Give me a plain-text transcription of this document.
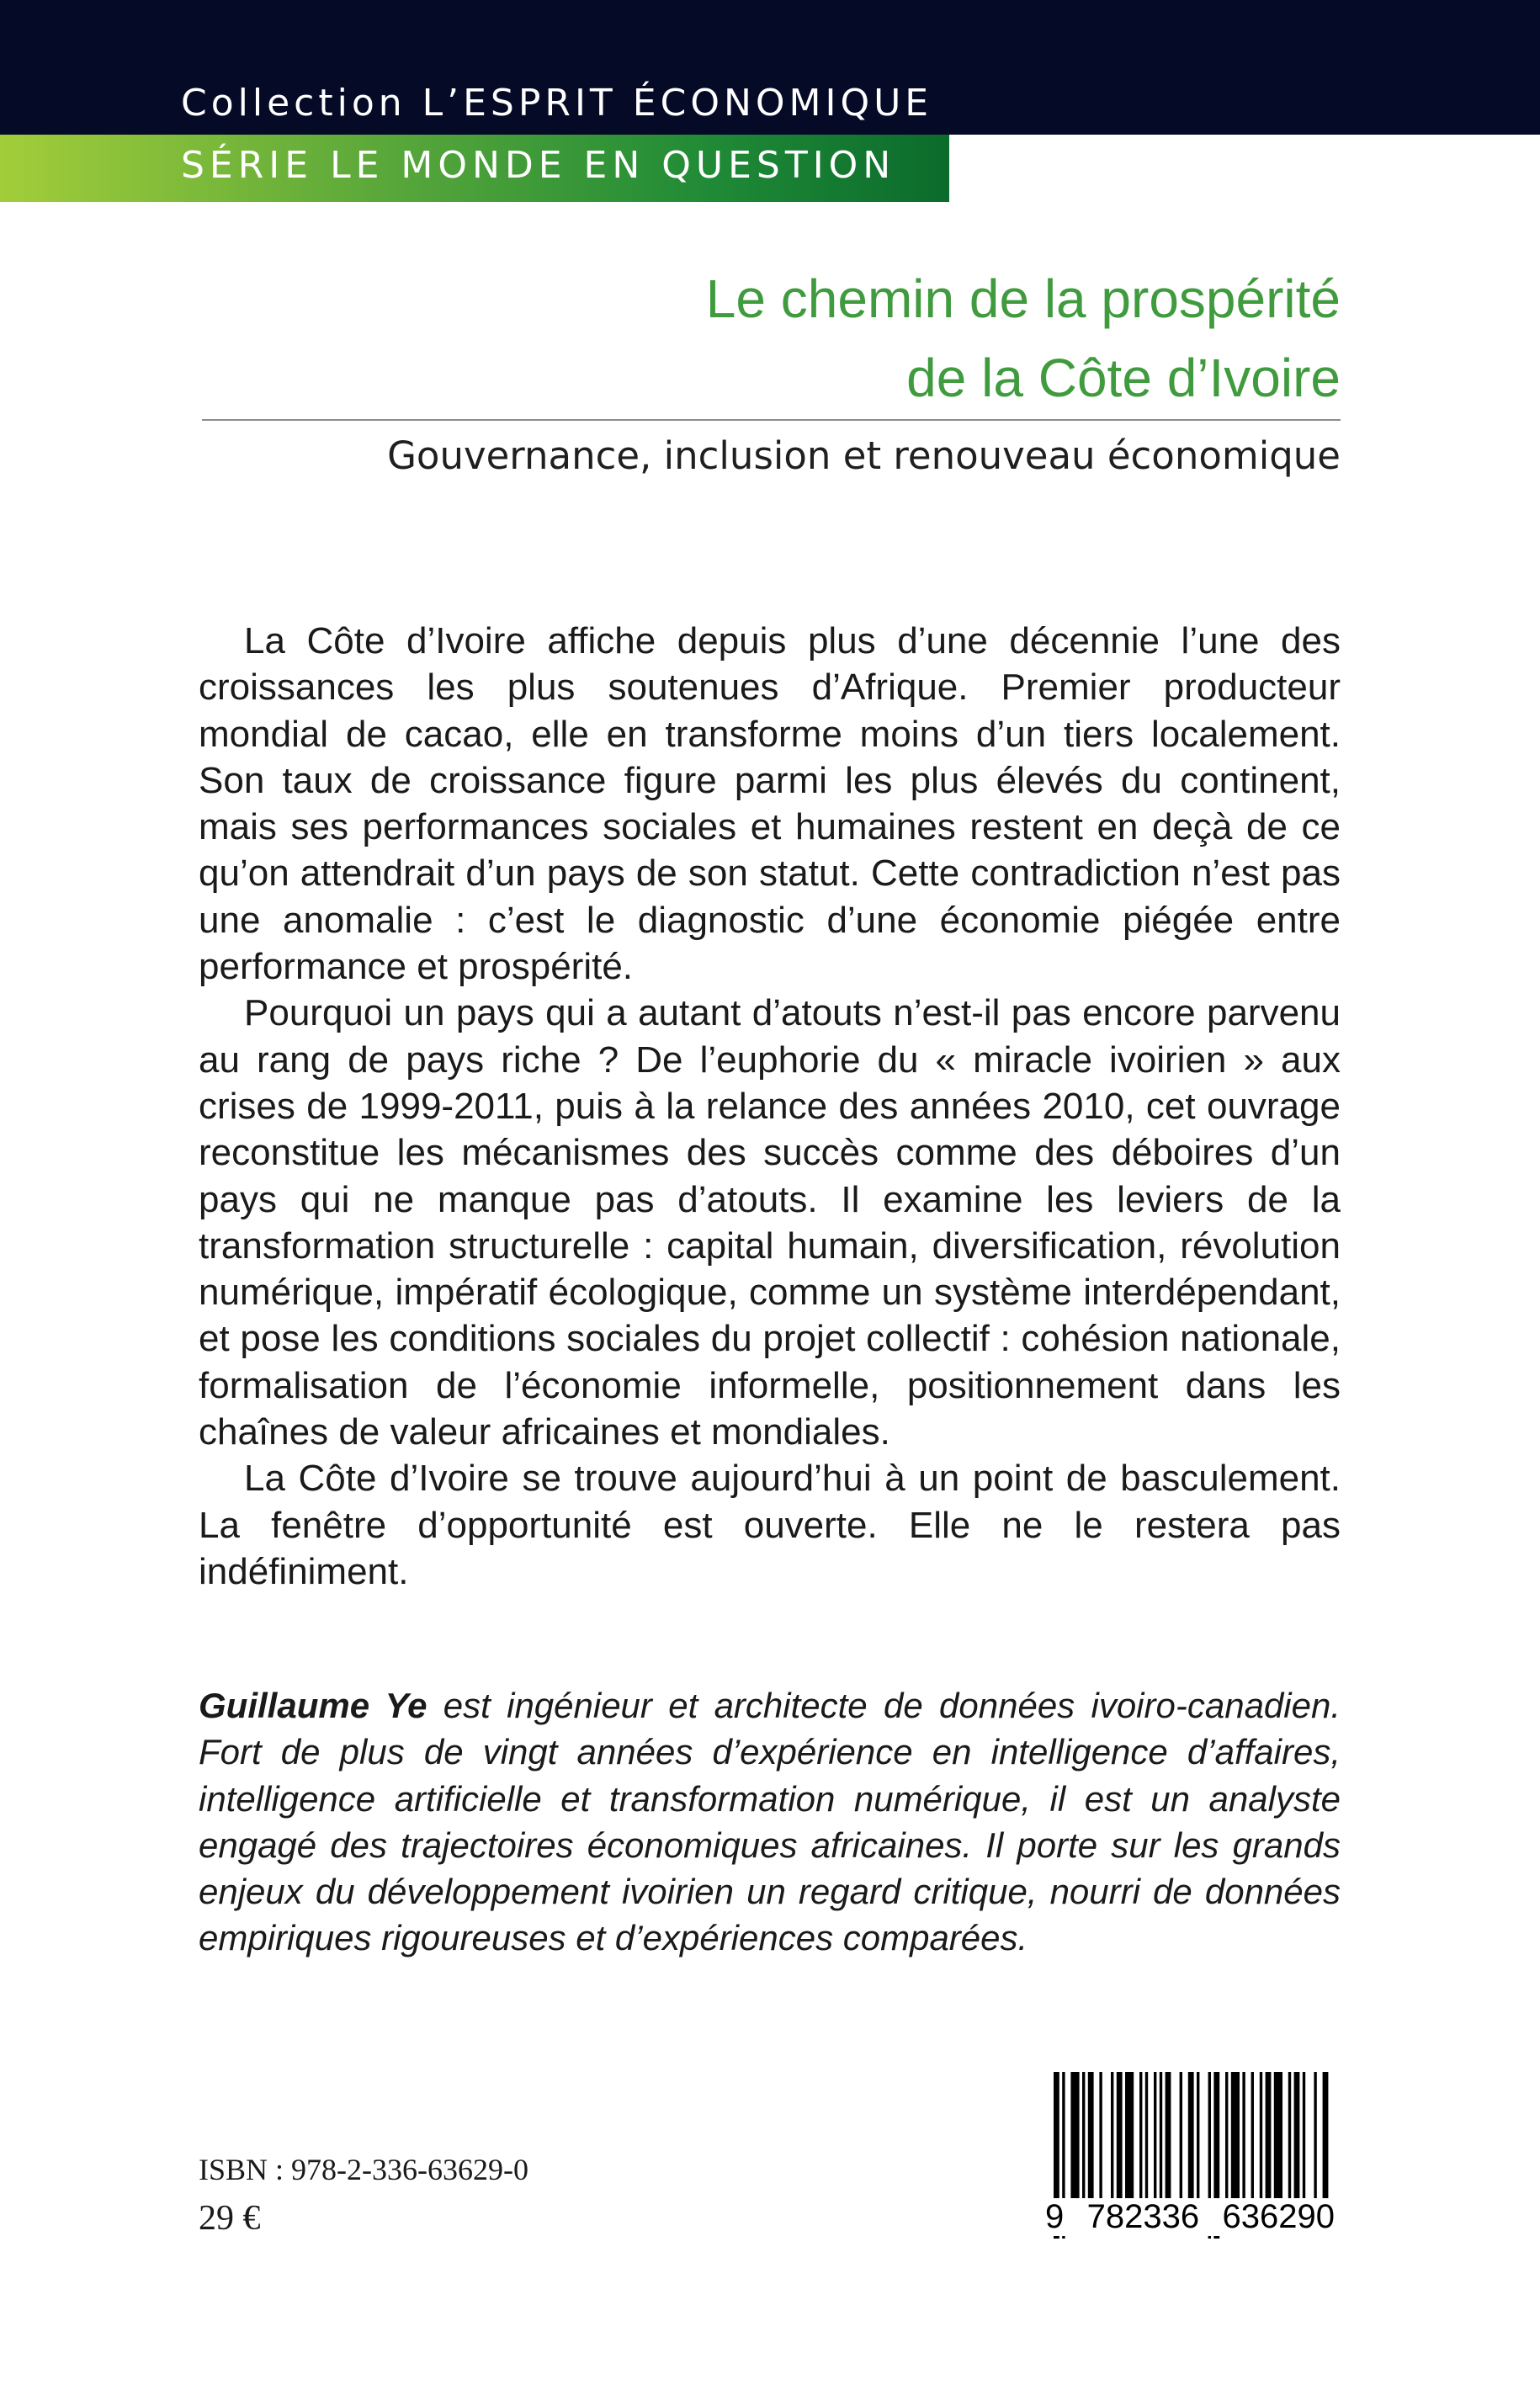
Collection L’ESPRIT ÉCONOMIQUE
SÉRIE LE MONDE EN QUESTION
Le chemin de la prospérité
de la Côte d’Ivoire
Gouvernance, inclusion et renouveau économique

La Côte d’Ivoire affiche depuis plus d’une décennie l’une des croissances les plus soutenues d’Afrique. Premier producteur mondial de cacao, elle en transforme moins d’un tiers localement. Son taux de croissance figure parmi les plus élevés du continent, mais ses performances sociales et humaines restent en deçà de ce qu’on attendrait d’un pays de son statut. Cette contradiction n’est pas une anomalie : c’est le diagnostic d’une économie piégée entre performance et prospérité.

Pourquoi un pays qui a autant d’atouts n’est-il pas encore parvenu au rang de pays riche ? De l’euphorie du « miracle ivoirien » aux crises de 1999-2011, puis à la relance des années 2010, cet ouvrage reconstitue les mécanismes des succès comme des déboires d’un pays qui ne manque pas d’atouts. Il examine les leviers de la transformation structurelle : capital humain, diversification, révolution numérique, impératif écologique, comme un système interdépendant, et pose les conditions sociales du projet collectif : cohésion nationale, formalisation de l’économie informelle, positionnement dans les chaînes de valeur africaines et mondiales.

La Côte d’Ivoire se trouve aujourd’hui à un point de basculement. La fenêtre d’opportunité est ouverte. Elle ne le restera pas indéfiniment.

Guillaume Ye est ingénieur et architecte de données ivoiro-canadien. Fort de plus de vingt années d’expérience en intelligence d’affaires, intelligence artificielle et transformation numérique, il est un analyste engagé des trajectoires économiques africaines. Il porte sur les grands enjeux du développement ivoirien un regard critique, nourri de données empiriques rigoureuses et d’expériences comparées.
ISBN : 978-2-336-63629-0
29 €	9 782336 636290
